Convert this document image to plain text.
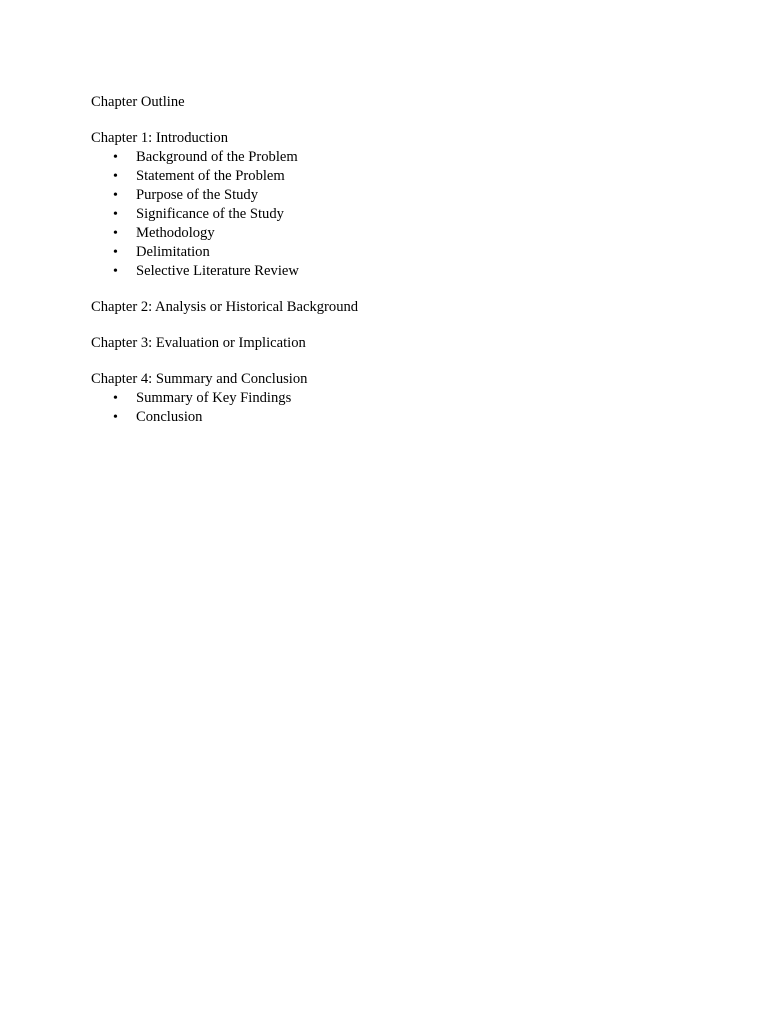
Chapter Outline
Chapter 1: Introduction
• Background of the Problem
• Statement of the Problem
• Purpose of the Study
• Significance of the Study
• Methodology
• Delimitation
• Selective Literature Review
Chapter 2: Analysis or Historical Background
Chapter 3: Evaluation or Implication
Chapter 4: Summary and Conclusion
• Summary of Key Findings
• Conclusion
